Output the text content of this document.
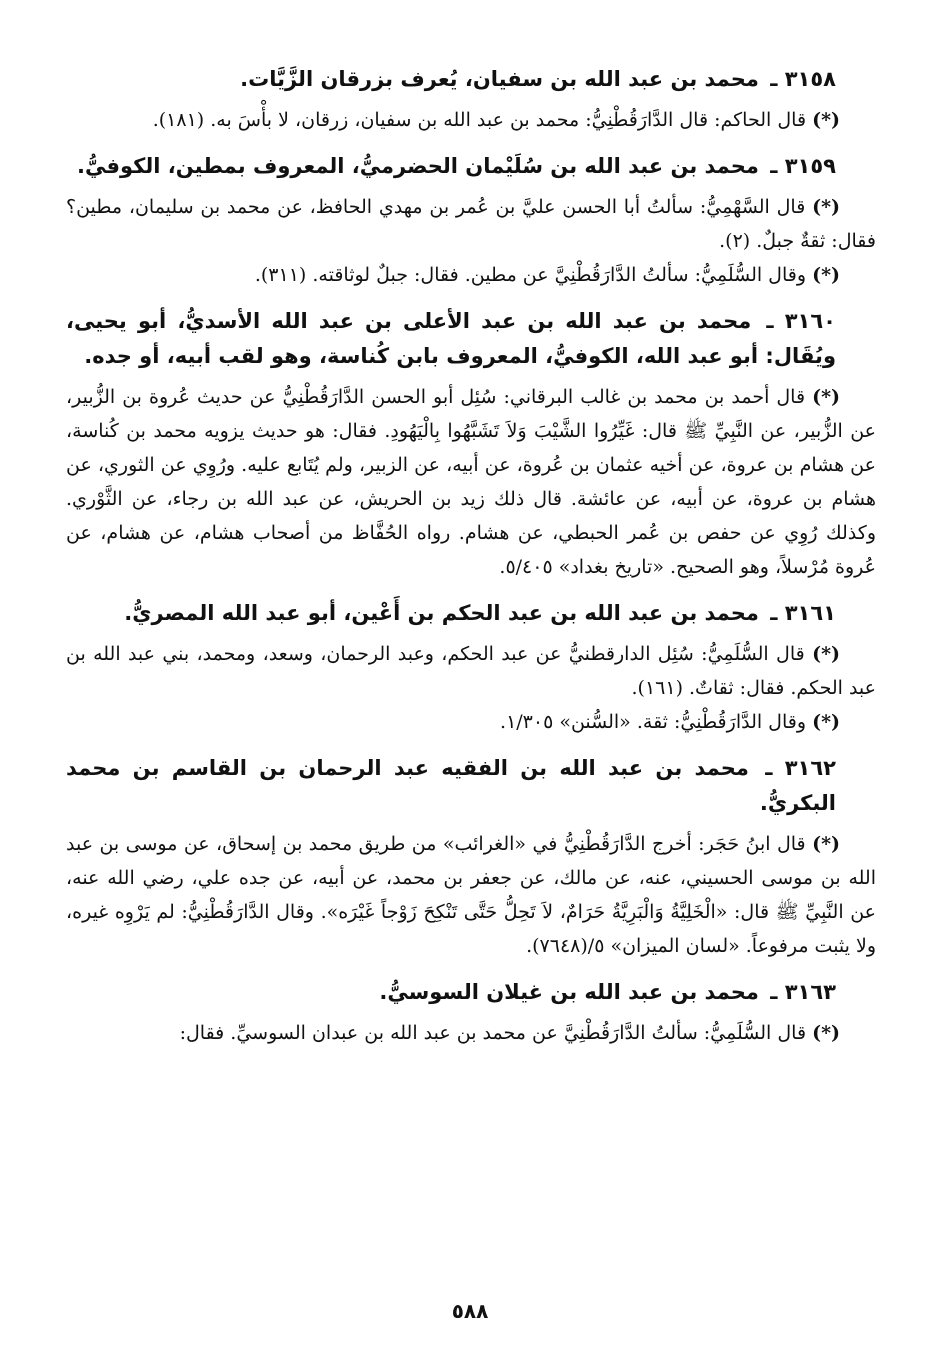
٣١٥٨ ـ محمد بن عبد الله بن سفيان، يُعرف بزرقان الزَّيَّات.

(*) قال الحاكم: قال الدَّارَقُطْنِيُّ: محمد بن عبد الله بن سفيان، زرقان، لا بأْسَ به. (١٨١).

٣١٥٩ ـ محمد بن عبد الله بن سُلَيْمان الحضرميُّ، المعروف بمطين، الكوفيُّ.

(*) قال السَّهْمِيُّ: سألتُ أبا الحسن عليَّ بن عُمر بن مهدي الحافظ، عن محمد بن سليمان، مطين؟ فقال: ثقةٌ جبلٌ. (٢).

(*) وقال السُّلَمِيُّ: سألتُ الدَّارَقُطْنِيَّ عن مطين. فقال: جبلٌ لوثاقته. (٣١١).

٣١٦٠ ـ محمد بن عبد الله بن عبد الأعلى بن عبد الله الأسديُّ، أبو يحيى، ويُقَال: أبو عبد الله، الكوفيُّ، المعروف بابن كُناسة، وهو لقب أبيه، أو جده.

(*) قال أحمد بن محمد بن غالب البرقاني: سُئِل أبو الحسن الدَّارَقُطْنِيُّ عن حديث عُروة بن الزُّبير، عن الزُّبير، عن النَّبِيِّ ﷺ قال: غَيِّرُوا الشَّيْبَ وَلاَ تَشَبَّهُوا بِالْيَهُودِ. فقال: هو حديث يزويه محمد بن كُناسة، عن هشام بن عروة، عن أخيه عثمان بن عُروة، عن أبيه، عن الزبير، ولم يُتَابع عليه. ورُوِي عن الثوري، عن هشام بن عروة، عن أبيه، عن عائشة. قال ذلك زيد بن الحريش، عن عبد الله بن رجاء، عن الثَّوْري. وكذلك رُوِي عن حفص بن عُمر الحبطي، عن هشام. رواه الحُفَّاظ من أصحاب هشام، عن هشام، عن عُروة مُرْسلاً، وهو الصحيح. «تاريخ بغداد» ٥/٤٠٥.

٣١٦١ ـ محمد بن عبد الله بن عبد الحكم بن أَعْين، أبو عبد الله المصريُّ.

(*) قال السُّلَمِيُّ: سُئِل الدارقطنيُّ عن عبد الحكم، وعبد الرحمان، وسعد، ومحمد، بني عبد الله بن عبد الحكم. فقال: ثقاتٌ. (١٦١).

(*) وقال الدَّارَقُطْنِيُّ: ثقة. «السُّنن» ١/٣٠٥.

٣١٦٢ ـ محمد بن عبد الله بن الفقيه عبد الرحمان بن القاسم بن محمد البكريُّ.

(*) قال ابنُ حَجَر: أخرج الدَّارَقُطْنِيُّ في «الغرائب» من طريق محمد بن إسحاق، عن موسى بن عبد الله بن موسى الحسيني، عنه، عن مالك، عن جعفر بن محمد، عن أبيه، عن جده علي، رضي الله عنه، عن النَّبِيِّ ﷺ قال: «الْخَلِيَّةُ وَالْبَرِيَّةُ حَرَامٌ، لاَ تَحِلُّ حَتَّى تَنْكِحَ زَوْجاً غَيْرَه». وقال الدَّارَقُطْنِيُّ: لم يَرْوِه غيره، ولا يثبت مرفوعاً. «لسان الميزان» ٥/(٧٦٤٨).

٣١٦٣ ـ محمد بن عبد الله بن غيلان السوسيُّ.

(*) قال السُّلَمِيُّ: سألتُ الدَّارَقُطْنِيَّ عن محمد بن عبد الله بن عبدان السوسيِّ. فقال:

٥٨٨
